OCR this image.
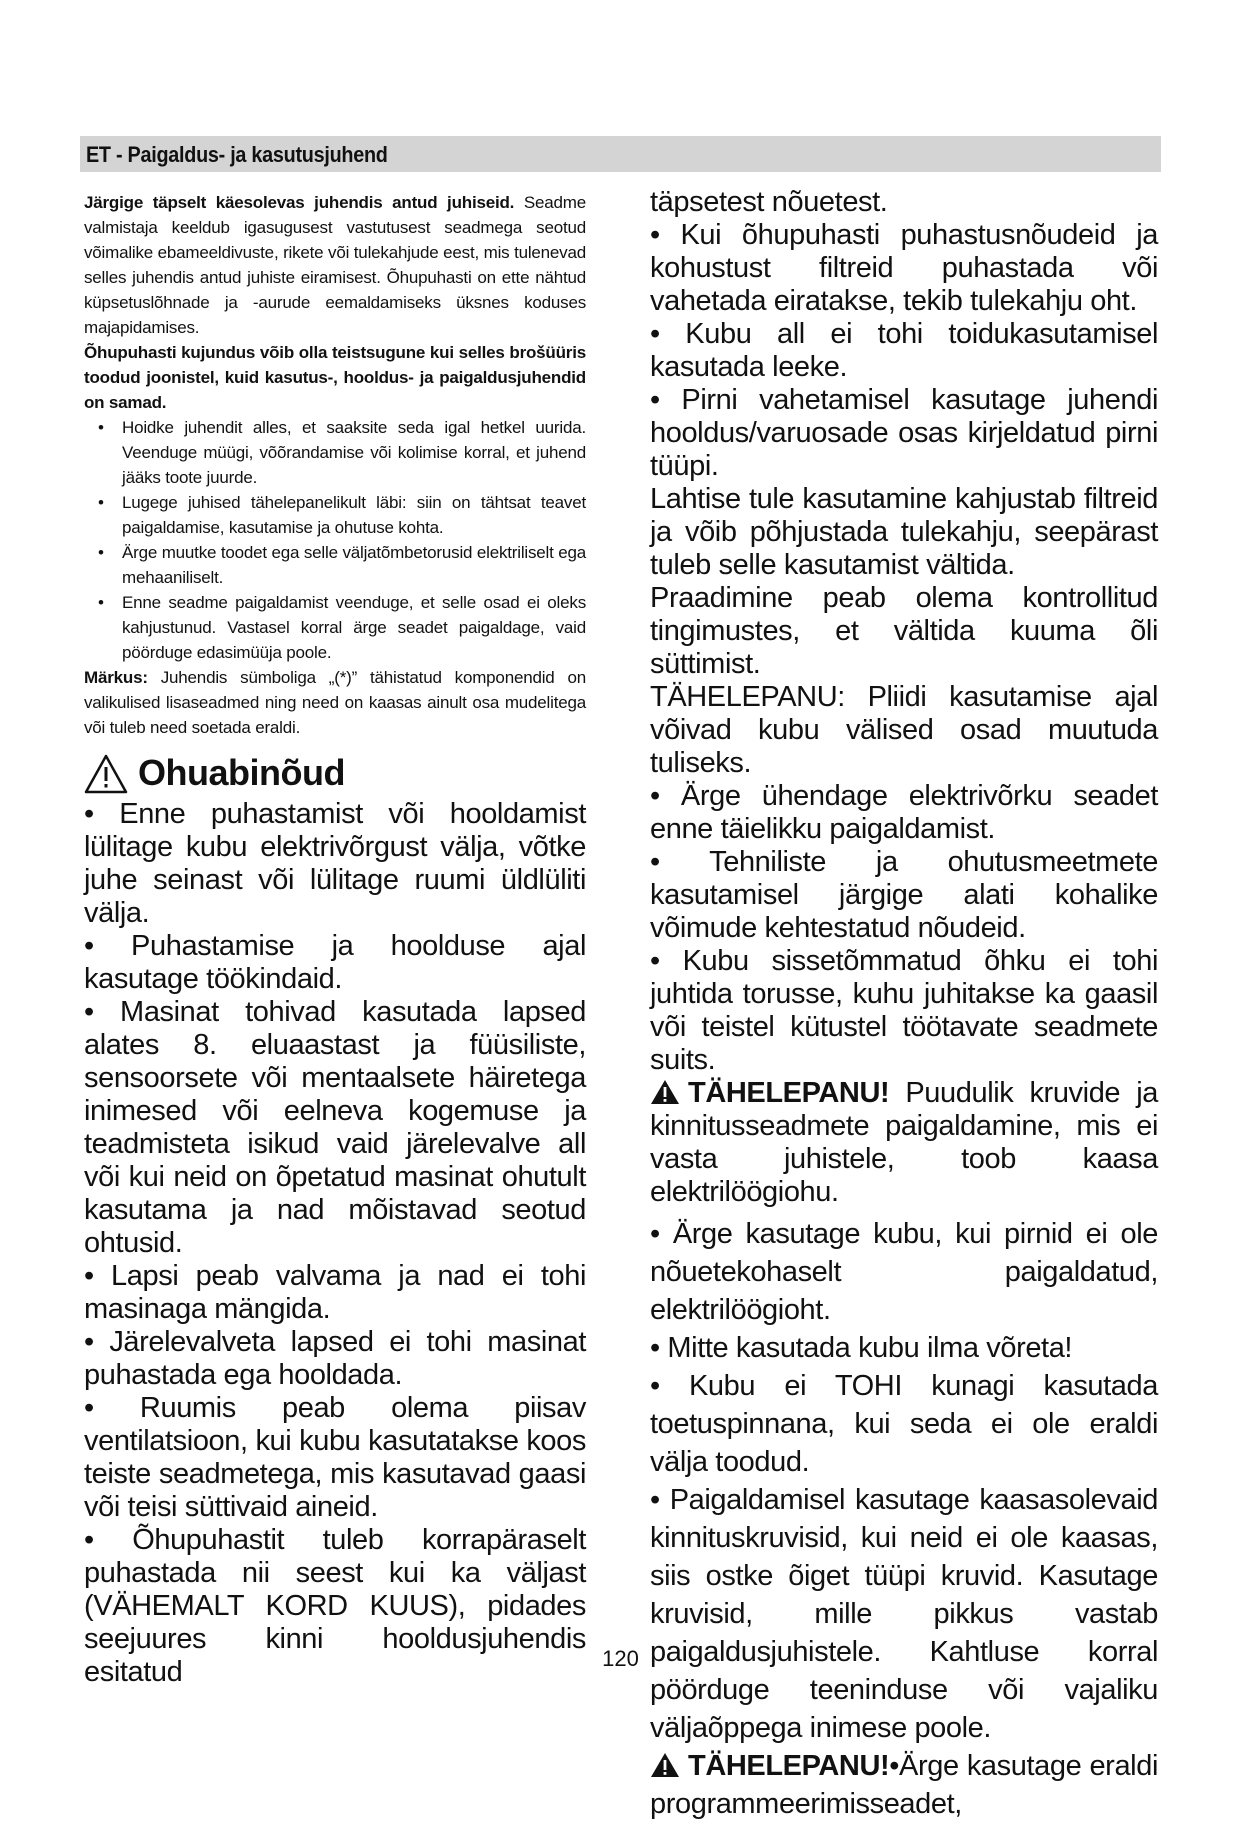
ET - Paigaldus- ja kasutusjuhend

Järgige täpselt käesolevas juhendis antud juhiseid. Seadme valmistaja keeldub igasugusest vastutusest seadmega seotud võimalike ebameeldivuste, rikete või tulekahjude eest, mis tulenevad selles juhendis antud juhiste eiramisest. Õhupuhasti on ette nähtud küpsetuslõhnade ja -aurude eemaldamiseks üksnes koduses majapidamises.

Õhupuhasti kujundus võib olla teistsugune kui selles brošüüris toodud joonistel, kuid kasutus-, hooldus- ja paigaldusjuhendid on samad.

• Hoidke juhendit alles, et saaksite seda igal hetkel uurida. Veenduge müügi, võõrandamise või kolimise korral, et juhend jääks toote juurde.
• Lugege juhised tähelepanelikult läbi: siin on tähtsat teavet paigaldamise, kasutamise ja ohutuse kohta.
• Ärge muutke toodet ega selle väljatõmbetorusid elektriliselt ega mehaaniliselt.
• Enne seadme paigaldamist veenduge, et selle osad ei oleks kahjustunud. Vastasel korral ärge seadet paigaldage, vaid pöörduge edasimüüja poole.

Märkus: Juhendis sümboliga „(*)” tähistatud komponendid on valikulised lisaseadmed ning need on kaasas ainult osa mudelitega või tuleb need soetada eraldi.

Ohuabinõud

• Enne puhastamist või hooldamist lülitage kubu elektrivõrgust välja, võtke juhe seinast või lülitage ruumi üldlüliti välja.

• Puhastamise ja hoolduse ajal kasutage töökindaid.

• Masinat tohivad kasutada lapsed alates 8. eluaastast ja füüsiliste, sensoorsete või mentaalsete häiretega inimesed või eelneva kogemuse ja teadmisteta isikud vaid järelevalve all või kui neid on õpetatud masinat ohutult kasutama ja nad mõistavad seotud ohtusid.

• Lapsi peab valvama ja nad ei tohi masinaga mängida.

• Järelevalveta lapsed ei tohi masinat puhastada ega hooldada.

• Ruumis peab olema piisav ventilatsioon, kui kubu kasutatakse koos teiste seadmetega, mis kasutavad gaasi või teisi süttivaid aineid.

• Õhupuhastit tuleb korrapäraselt puhastada nii seest kui ka väljast (VÄHEMALT KORD KUUS), pidades seejuures kinni hooldusjuhendis esitatud

täpsetest nõuetest.

• Kui õhupuhasti puhastusnõudeid ja kohustust filtreid puhastada või vahetada eiratakse, tekib tulekahju oht.

• Kubu all ei tohi toidukasutamisel kasutada leeke.

• Pirni vahetamisel kasutage juhendi hooldus/varuosade osas kirjeldatud pirni tüüpi.

Lahtise tule kasutamine kahjustab filtreid ja võib põhjustada tulekahju, seepärast tuleb selle kasutamist vältida.

Praadimine peab olema kontrollitud tingimustes, et vältida kuuma õli süttimist.

TÄHELEPANU: Pliidi kasutamise ajal võivad kubu välised osad muutuda tuliseks.

• Ärge ühendage elektrivõrku seadet enne täielikku paigaldamist.

• Tehniliste ja ohutusmeetmete kasutamisel järgige alati kohalike võimude kehtestatud nõudeid.

• Kubu sissetõmmatud õhku ei tohi juhtida torusse, kuhu juhitakse ka gaasil või teistel kütustel töötavate seadmete suits.

TÄHELEPANU! Puudulik kruvide ja kinnitusseadmete paigaldamine, mis ei vasta juhistele, toob kaasa elektrilöögiohu.

• Ärge kasutage kubu, kui pirnid ei ole nõuetekohaselt paigaldatud, elektrilöögioht.

• Mitte kasutada kubu ilma võreta!

• Kubu ei TOHI kunagi kasutada toetuspinnana, kui seda ei ole eraldi välja toodud.

• Paigaldamisel kasutage kaasasolevaid kinnituskruvisid, kui neid ei ole kaasas, siis ostke õiget tüüpi kruvid. Kasutage kruvisid, mille pikkus vastab paigaldusjuhistele. Kahtluse korral pöörduge teeninduse või vajaliku väljaõppega inimese poole.

TÄHELEPANU!•Ärge kasutage eraldi programmeerimisseadet,

120
